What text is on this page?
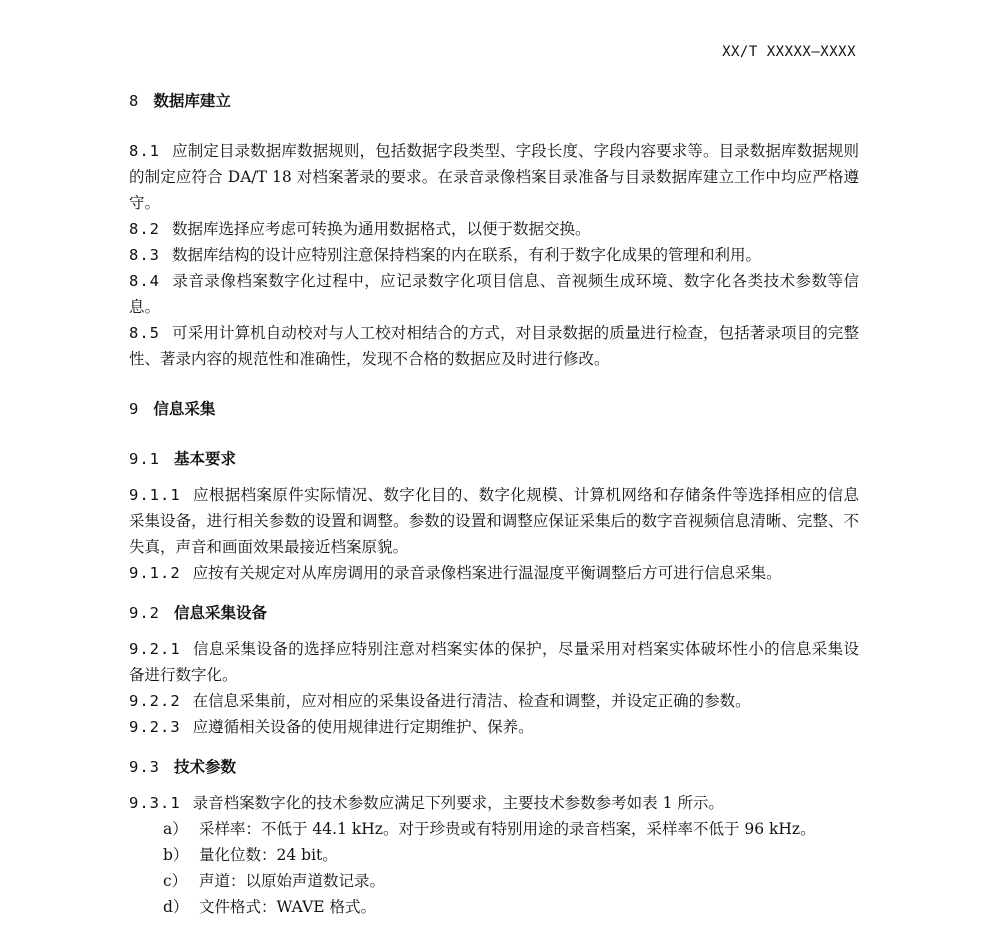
XX/T XXXXX—XXXX
8 数据库建立

8.1 应制定目录数据库数据规则，包括数据字段类型、字段长度、字段内容要求等。目录数据库数据规则的制定应符合 DA/T 18 对档案著录的要求。在录音录像档案目录准备与目录数据库建立工作中均应严格遵守。

8.2 数据库选择应考虑可转换为通用数据格式，以便于数据交换。

8.3 数据库结构的设计应特别注意保持档案的内在联系，有利于数字化成果的管理和利用。

8.4 录音录像档案数字化过程中，应记录数字化项目信息、音视频生成环境、数字化各类技术参数等信息。

8.5 可采用计算机自动校对与人工校对相结合的方式，对目录数据的质量进行检查，包括著录项目的完整性、著录内容的规范性和准确性，发现不合格的数据应及时进行修改。

9 信息采集
9.1 基本要求

9.1.1 应根据档案原件实际情况、数字化目的、数字化规模、计算机网络和存储条件等选择相应的信息采集设备，进行相关参数的设置和调整。参数的设置和调整应保证采集后的数字音视频信息清晰、完整、不失真，声音和画面效果最接近档案原貌。

9.1.2 应按有关规定对从库房调用的录音录像档案进行温湿度平衡调整后方可进行信息采集。

9.2 信息采集设备

9.2.1 信息采集设备的选择应特别注意对档案实体的保护，尽量采用对档案实体破坏性小的信息采集设备进行数字化。

9.2.2 在信息采集前，应对相应的采集设备进行清洁、检查和调整，并设定正确的参数。

9.2.3 应遵循相关设备的使用规律进行定期维护、保养。

9.3 技术参数

9.3.1 录音档案数字化的技术参数应满足下列要求，主要技术参数参考如表 1 所示。

a） 采样率：不低于 44.1 kHz。对于珍贵或有特别用途的录音档案，采样率不低于 96 kHz。

b） 量化位数：24 bit。

c） 声道：以原始声道数记录。

d） 文件格式：WAVE 格式。
